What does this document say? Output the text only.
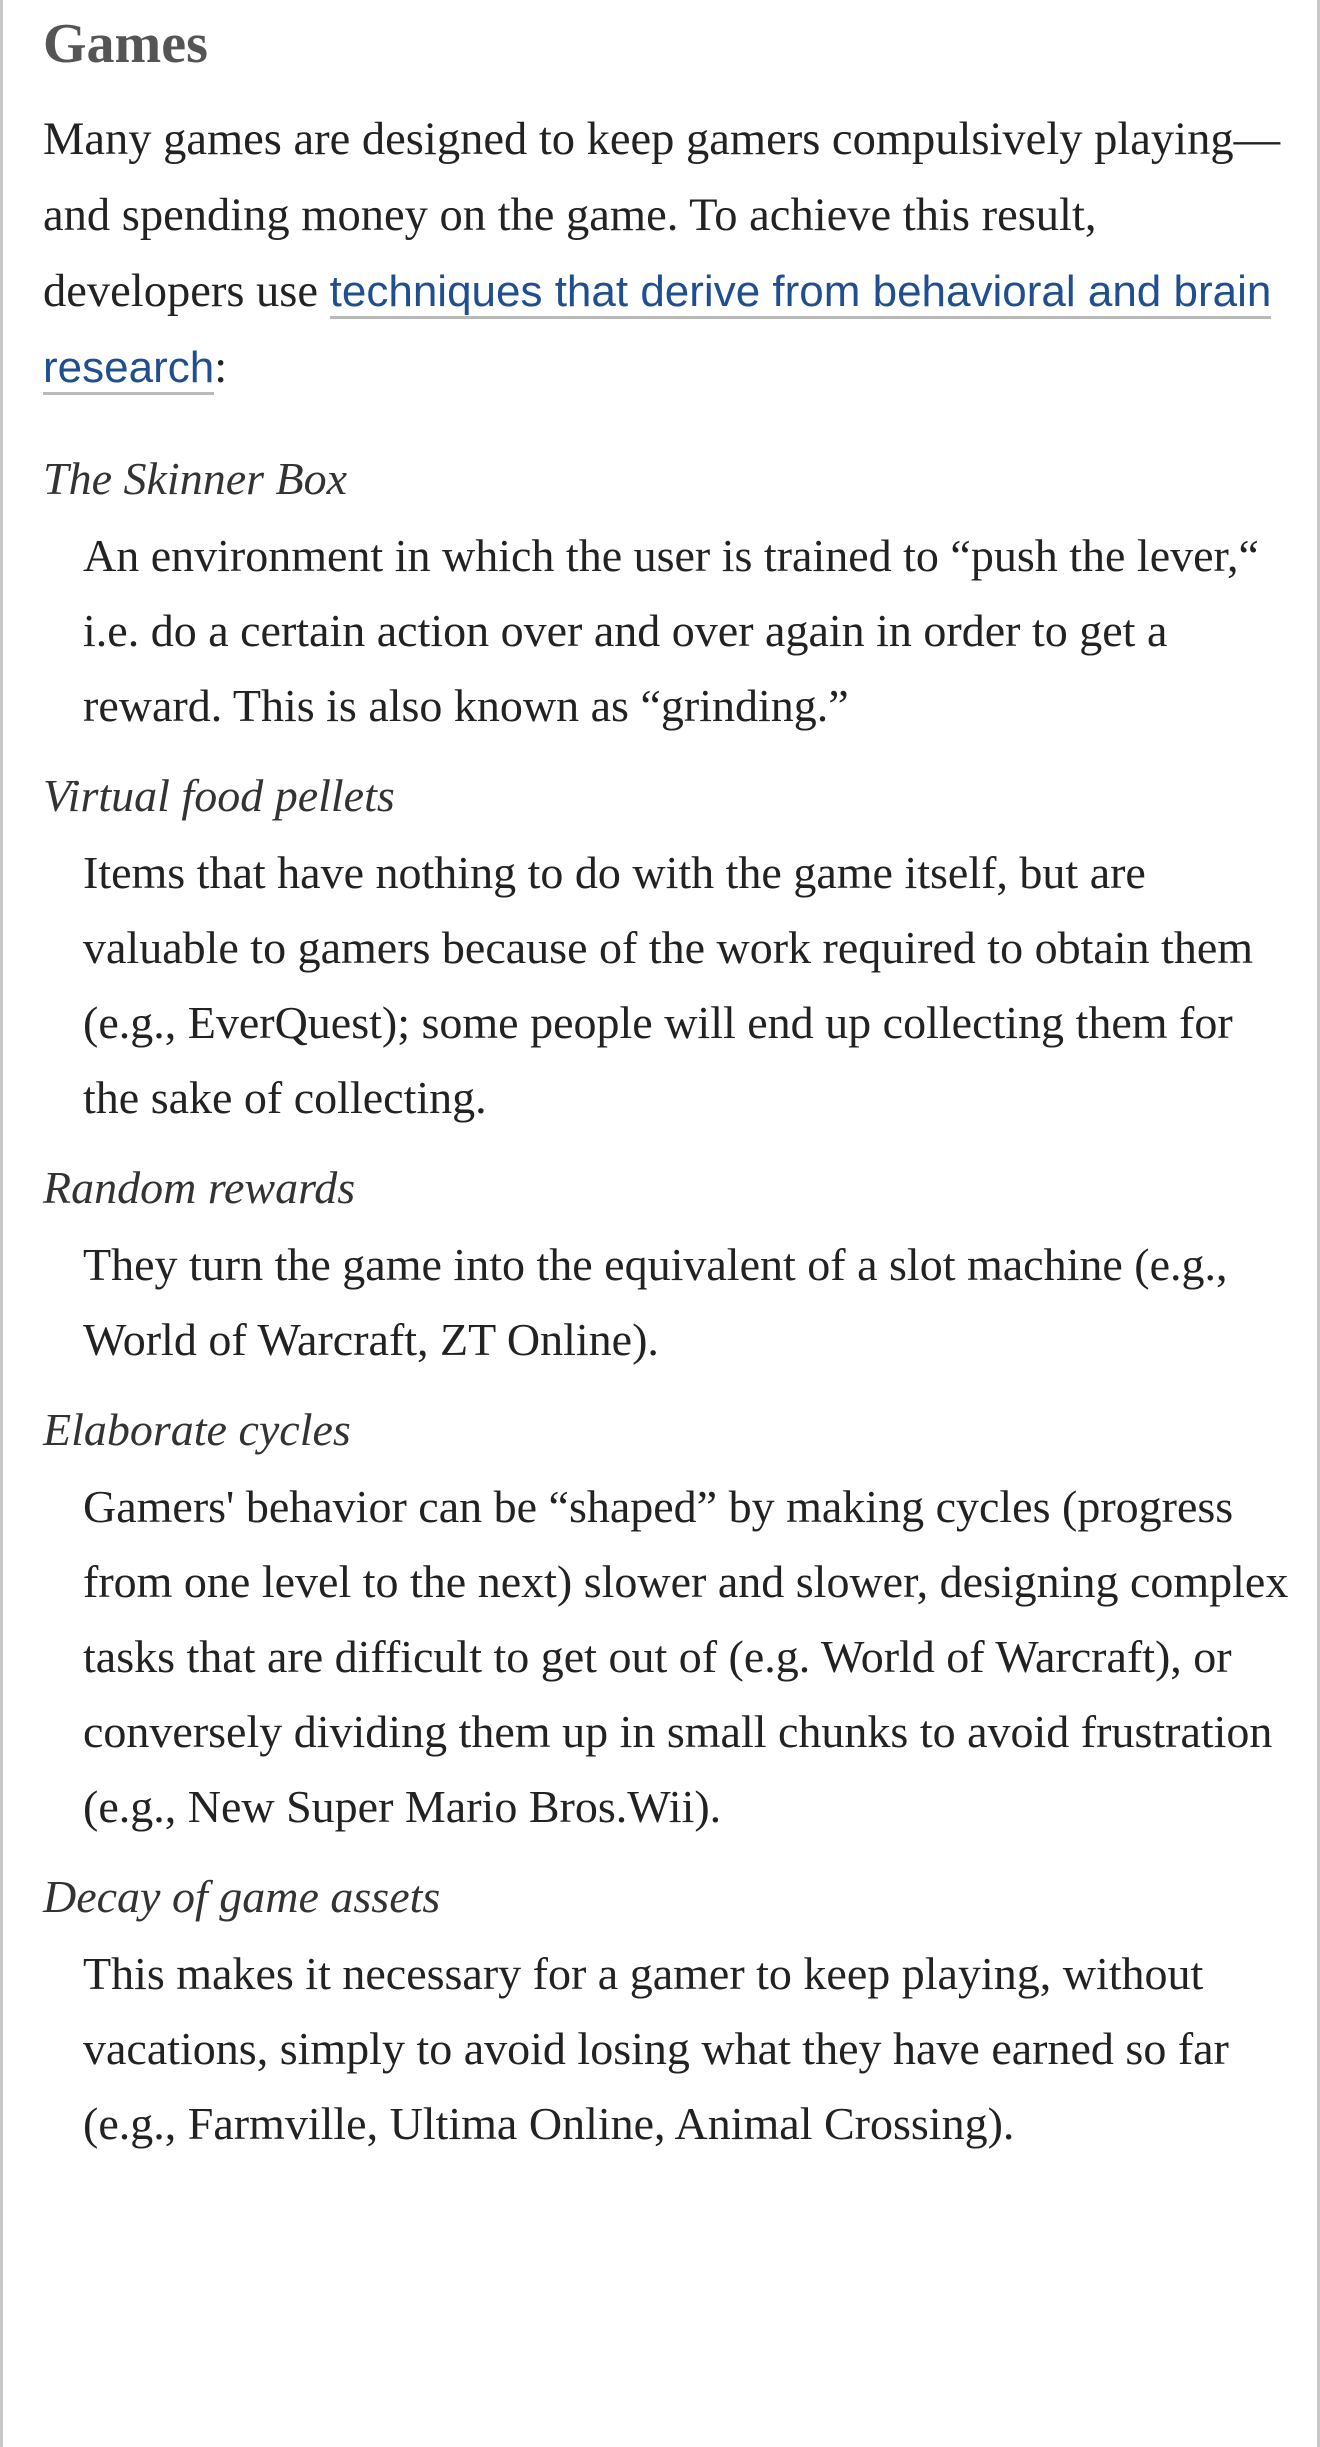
Games

Many games are designed to keep gamers compulsively playing—and spending money on the game. To achieve this result, developers use techniques that derive from behavioral and brain research:

The Skinner Box
An environment in which the user is trained to “push the lever,“ i.e. do a certain action over and over again in order to get a reward. This is also known as “grinding.”
Virtual food pellets
Items that have nothing to do with the game itself, but are valuable to gamers because of the work required to obtain them (e.g., EverQuest); some people will end up collecting them for the sake of collecting.
Random rewards
They turn the game into the equivalent of a slot machine (e.g., World of Warcraft, ZT Online).
Elaborate cycles
Gamers' behavior can be “shaped” by making cycles (progress from one level to the next) slower and slower, designing complex tasks that are difficult to get out of (e.g. World of Warcraft), or conversely dividing them up in small chunks to avoid frustration (e.g., New Super Mario Bros.Wii).
Decay of game assets
This makes it necessary for a gamer to keep playing, without vacations, simply to avoid losing what they have earned so far (e.g., Farmville, Ultima Online, Animal Crossing).
